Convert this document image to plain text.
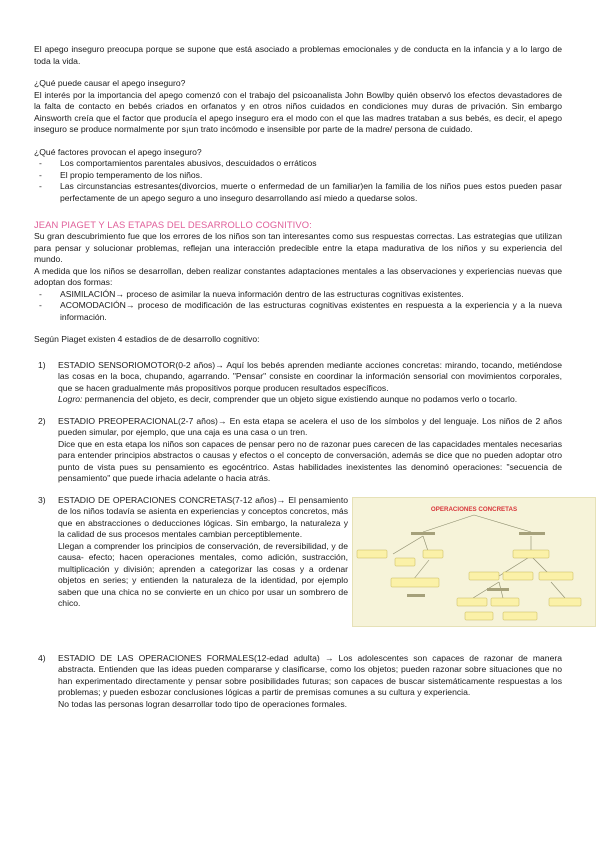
El apego inseguro preocupa porque se supone que está asociado a problemas emocionales y de conducta en la infancia y a lo largo de toda la vida.

¿Qué puede causar el apego inseguro?

El interés por la importancia del apego comenzó con el trabajo del psicoanalista John Bowlby quién observó los efectos devastadores de la falta de contacto en bebés criados en orfanatos y en otros niños cuidados en condiciones muy duras de privación. Sin embargo Ainsworth creía que el factor que producía el apego inseguro era el modo con el que las madres trataban a sus bebés, es decir, el apego inseguro se produce normalmente por s¡un trato incómodo e insensible por parte de la madre/ persona de cuidado.

¿Qué factores provocan el apego inseguro?

- Los comportamientos parentales abusivos, descuidados o erráticos
- El propio temperamento de los niños.
- Las circunstancias estresantes(divorcios, muerte o enfermedad de un familiar)en la familia de los niños pues estos pueden pasar perfectamente de un apego seguro a uno inseguro desarrollando así miedo a quedarse solos.

JEAN PIAGET Y LAS ETAPAS DEL DESARROLLO COGNITIVO:

Su gran descubrimiento fue que los errores de los niños son tan interesantes como sus respuestas correctas. Las estrategias que utilizan para pensar y solucionar problemas, reflejan una interacción predecible entre la etapa madurativa de los niños y su experiencia del mundo.

A medida que los niños se desarrollan, deben realizar constantes adaptaciones mentales a las observaciones y experiencias nuevas que adoptan dos formas:

- ASIMILACIÓN→ proceso de asimilar la nueva información dentro de las estructuras cognitivas existentes.
- ACOMODACIÓN→ proceso de modificación de las estructuras cognitivas existentes en respuesta a la experiencia y a la nueva información.

Según Piaget existen 4 estadios de de desarrollo cognitivo:

1) ESTADIO SENSORIOMOTOR(0-2 años)→ Aquí los bebés aprenden mediante acciones concretas: mirando, tocando, metiéndose las cosas en la boca, chupando, agarrando. "Pensar" consiste en coordinar la información sensorial con movimientos corporales, que se hacen gradualmente más propositivos porque producen resultados específicos.

Logro: permanencia del objeto, es decir, comprender que un objeto sigue existiendo aunque no podamos verlo o tocarlo.

2) ESTADIO PREOPERACIONAL(2-7 años)→ En esta etapa se acelera el uso de los símbolos y del lenguaje. Los niños de 2 años pueden simular, por ejemplo, que una caja es una casa o un tren.

Dice que en esta etapa los niños son capaces de pensar pero no de razonar pues carecen de las capacidades mentales necesarias para entender principios abstractos o causas y efectos o el concepto de conversación, además se dice que no pueden adoptar otro punto de vista pues su pensamiento es egocéntrico. Astas habilidades inexistentes las denominó operaciones: "secuencia de pensamiento" que puede irhacia adelante o hacia atrás.

3) ESTADIO DE OPERACIONES CONCRETAS(7-12 años)→ El pensamiento de los niños todavía se asienta en experiencias y conceptos concretos, más que en abstracciones o deducciones lógicas. Sin embargo, la naturaleza y la calidad de sus procesos mentales cambian perceptiblemente.

Llegan a comprender los principios de conservación, de reversibilidad, y de causa- efecto; hacen operaciones mentales, como adición, sustracción, multiplicación y división; aprenden a categorizar las cosas y a ordenar objetos en series; y entienden la naturaleza de la identidad, por ejemplo saben que una chica no se convierte en un chico por usar un sombrero de chico.

OPERACIONES CONCRETAS
4) ESTADIO DE LAS OPERACIONES FORMALES(12-edad adulta) → Los adolescentes son capaces de razonar de manera abstracta. Entienden que las ideas pueden compararse y clasificarse, como los objetos; pueden razonar sobre situaciones que no han experimentado directamente y pensar sobre posibilidades futuras; son capaces de buscar sistemáticamente respuestas a los problemas; y pueden esbozar conclusiones lógicas a partir de premisas comunes a su cultura y experiencia.

No todas las personas logran desarrollar todo tipo de operaciones formales.
